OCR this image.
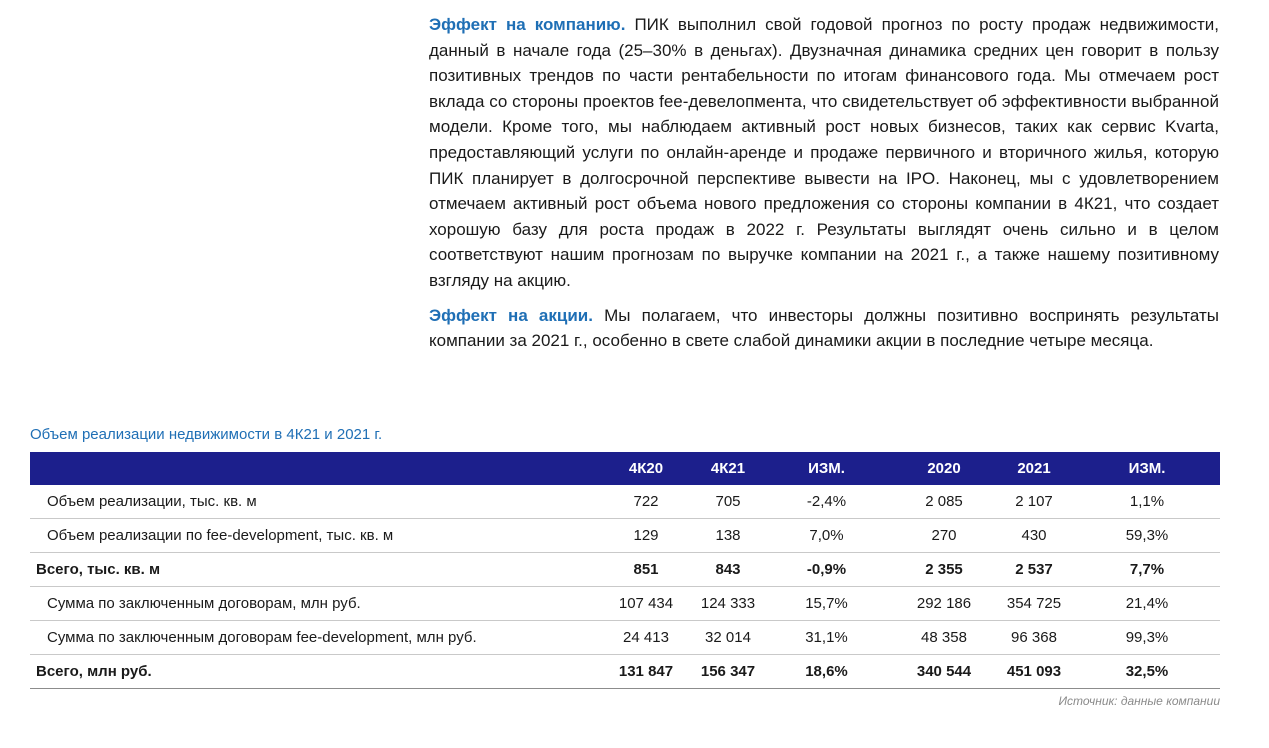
Эффект на компанию. ПИК выполнил свой годовой прогноз по росту продаж недвижимости, данный в начале года (25–30% в деньгах). Двузначная динамика средних цен говорит в пользу позитивных трендов по части рентабельности по итогам финансового года. Мы отмечаем рост вклада со стороны проектов fee-девелопмента, что свидетельствует об эффективности выбранной модели. Кроме того, мы наблюдаем активный рост новых бизнесов, таких как сервис Kvarta, предоставляющий услуги по онлайн-аренде и продаже первичного и вторичного жилья, которую ПИК планирует в долгосрочной перспективе вывести на IPO. Наконец, мы с удовлетворением отмечаем активный рост объема нового предложения со стороны компании в 4К21, что создает хорошую базу для роста продаж в 2022 г. Результаты выглядят очень сильно и в целом соответствуют нашим прогнозам по выручке компании на 2021 г., а также нашему позитивному взгляду на акцию.

Эффект на акции. Мы полагаем, что инвесторы должны позитивно воспринять результаты компании за 2021 г., особенно в свете слабой динамики акции в последние четыре месяца.

Объем реализации недвижимости в 4К21 и 2021 г.
	4К20	4К21	ИЗМ.	2020	2021	ИЗМ.
Объем реализации, тыс. кв. м	722	705	-2,4%	2 085	2 107	1,1%
Объем реализации по fee-development, тыс. кв. м	129	138	7,0%	270	430	59,3%
Всего, тыс. кв. м	851	843	-0,9%	2 355	2 537	7,7%
Сумма по заключенным договорам, млн руб.	107 434	124 333	15,7%	292 186	354 725	21,4%
Сумма по заключенным договорам fee-development, млн руб.	24 413	32 014	31,1%	48 358	96 368	99,3%
Всего, млн руб.	131 847	156 347	18,6%	340 544	451 093	32,5%
Источник: данные компании
